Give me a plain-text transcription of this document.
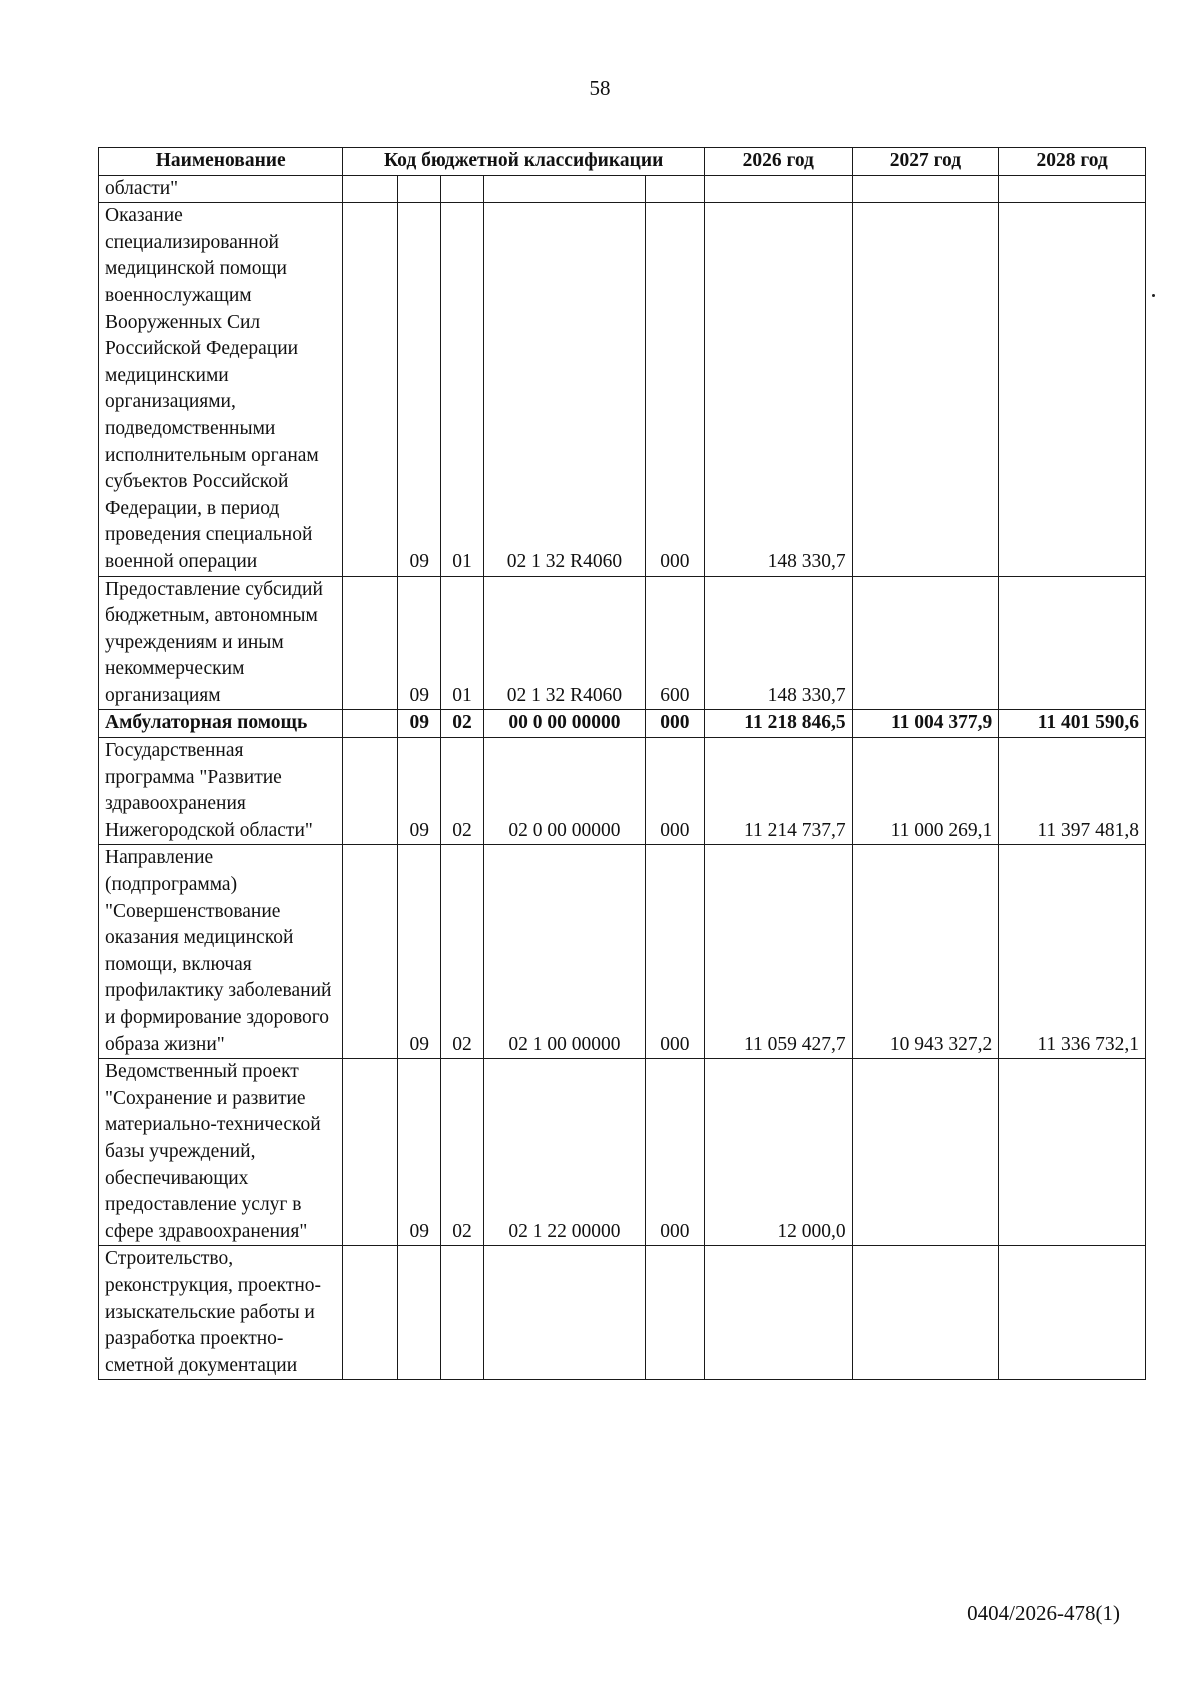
58
Наименование	Код бюджетной классификации					2026 год	2027 год	2028 год
области"								
Оказание специализированной медицинской помощи военнослужащим Вооруженных Сил Российской Федерации медицинскими организациями, подведомственными исполнительным органам субъектов Российской Федерации, в период проведения специальной военной операции		09	01	02 1 32 R4060	000	148 330,7		
Предоставление субсидий бюджетным, автономным учреждениям и иным некоммерческим организациям		09	01	02 1 32 R4060	600	148 330,7		
Амбулаторная помощь		09	02	00 0 00 00000	000	11 218 846,5	11 004 377,9	11 401 590,6
Государственная программа "Развитие здравоохранения Нижегородской области"		09	02	02 0 00 00000	000	11 214 737,7	11 000 269,1	11 397 481,8
Направление (подпрограмма) "Совершенствование оказания медицинской помощи, включая профилактику заболеваний и формирование здорового образа жизни"		09	02	02 1 00 00000	000	11 059 427,7	10 943 327,2	11 336 732,1
Ведомственный проект "Сохранение и развитие материально-технической базы учреждений, обеспечивающих предоставление услуг в сфере здравоохранения"		09	02	02 1 22 00000	000	12 000,0		
Строительство, реконструкция, проектно-изыскательские работы и разработка проектно-сметной документации								
0404/2026-478(1)
